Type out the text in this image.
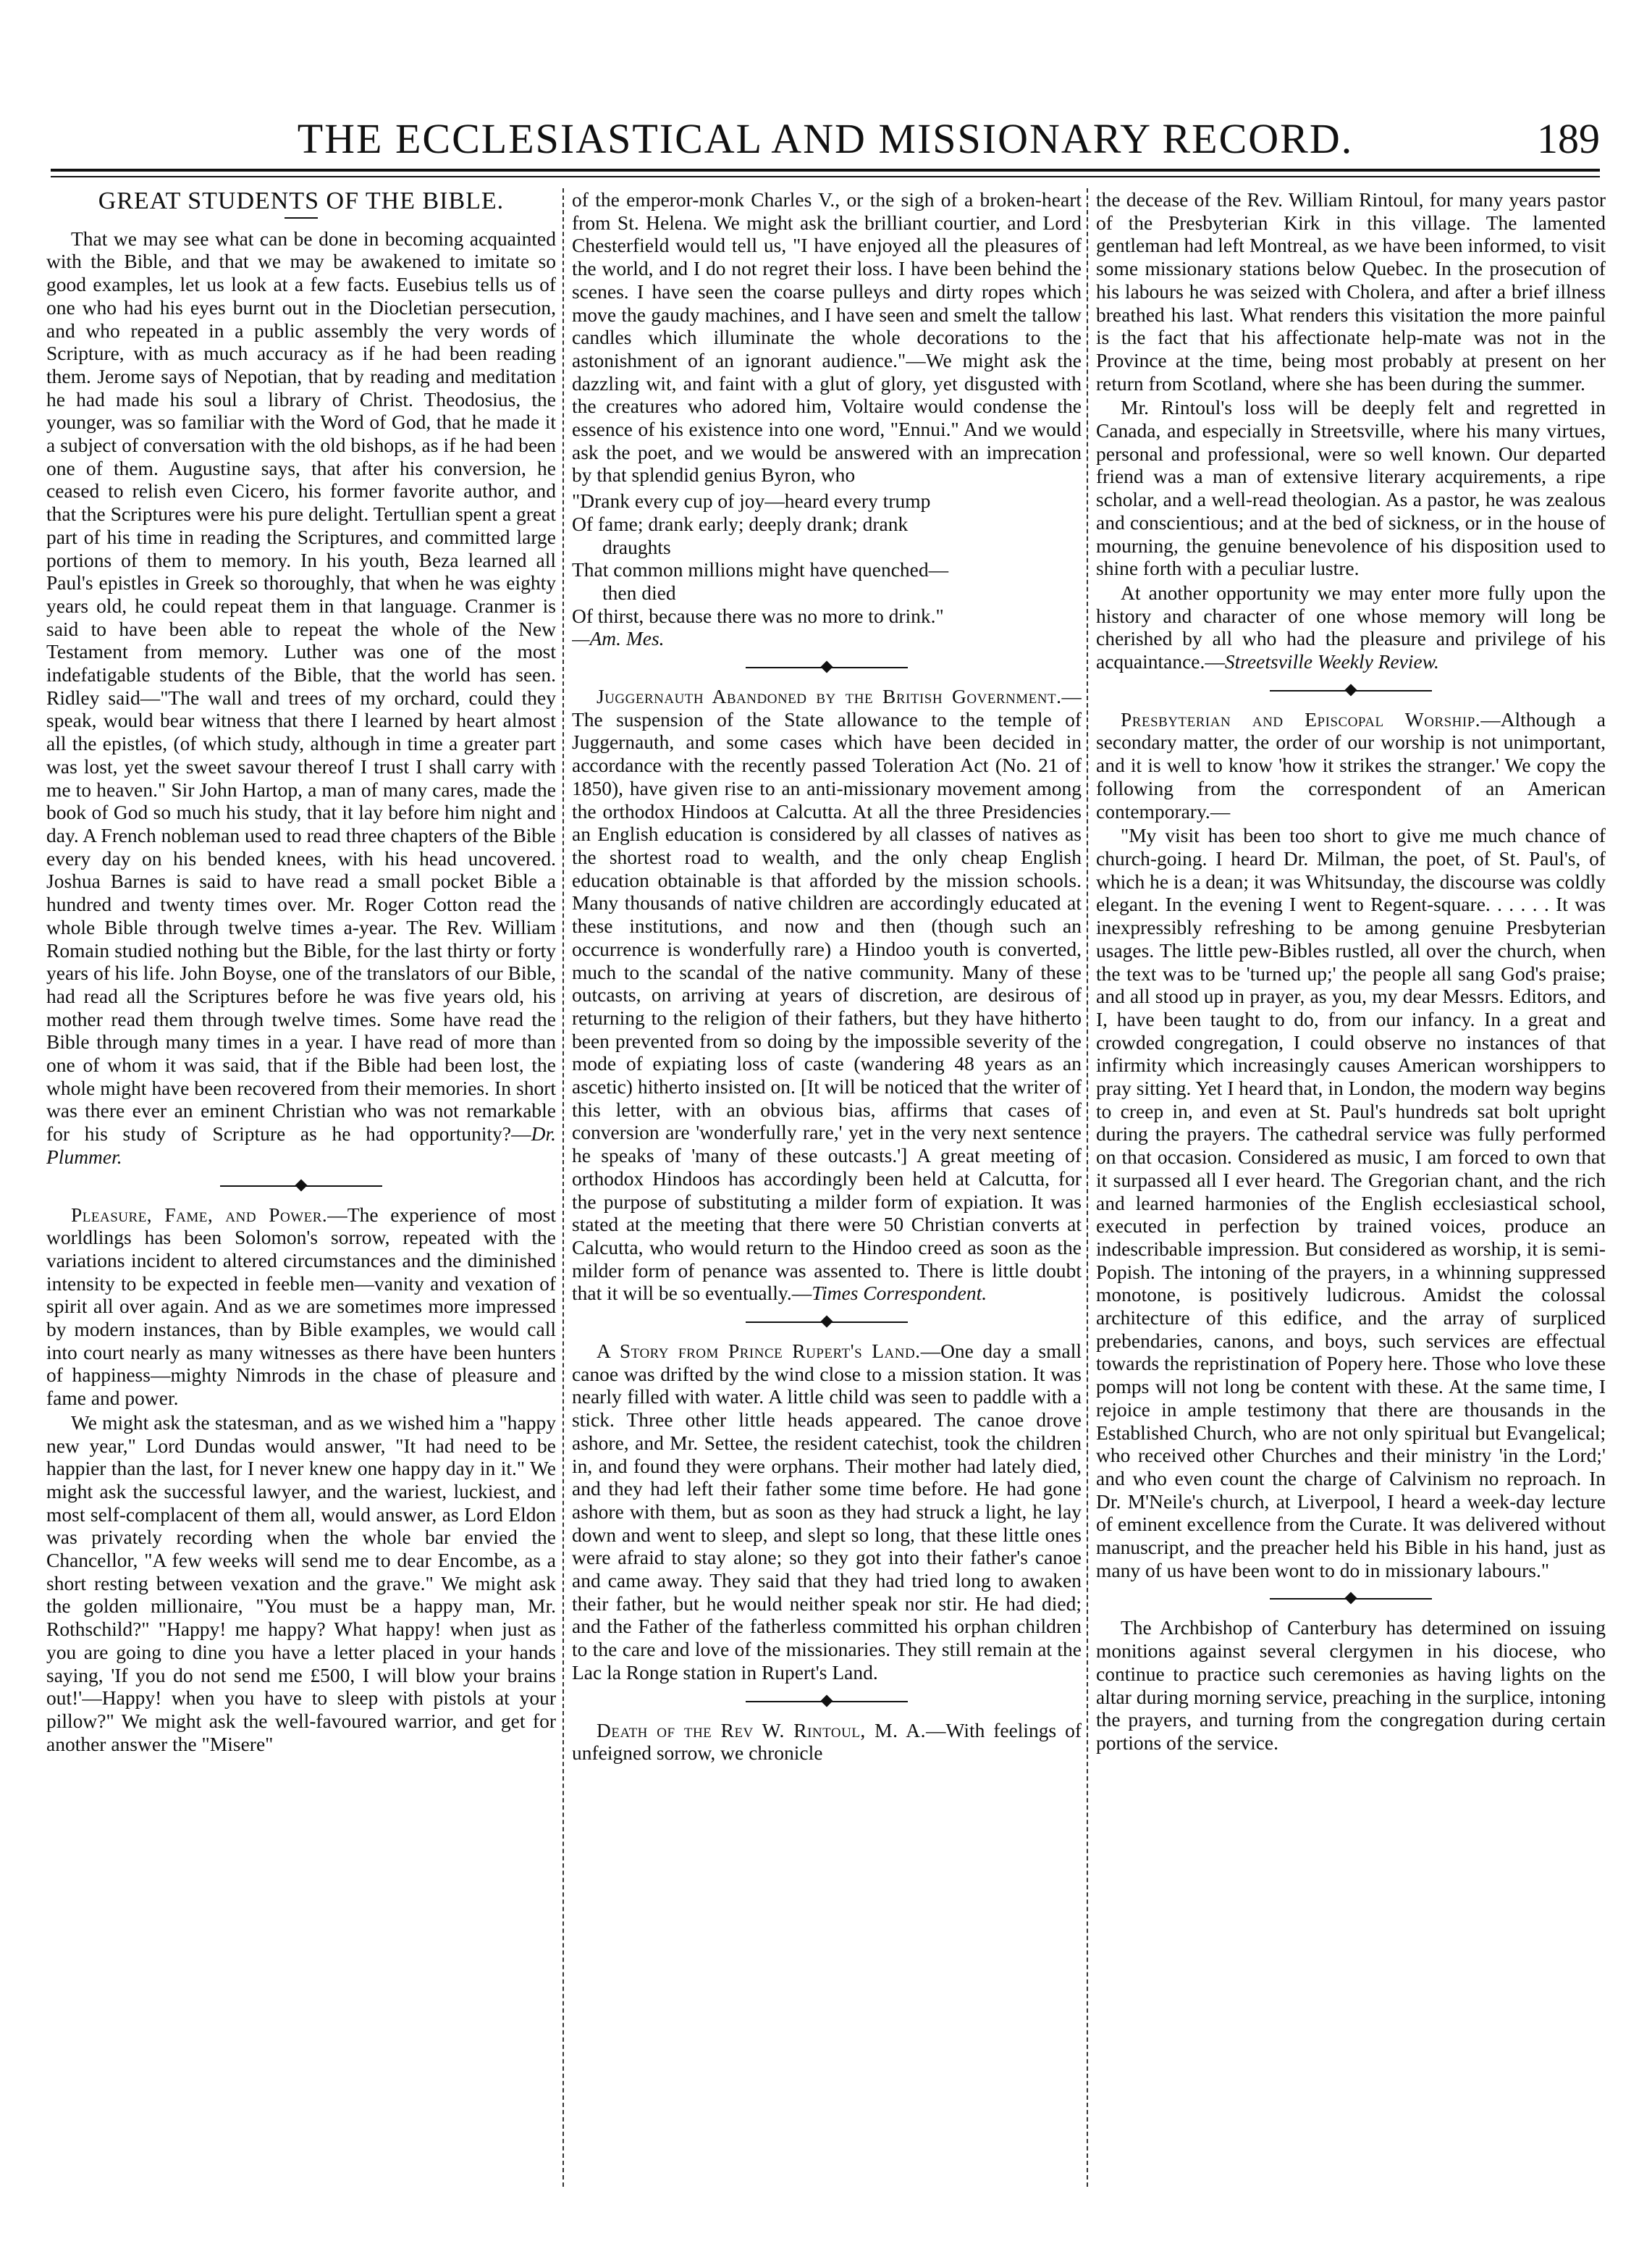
THE ECCLESIASTICAL AND MISSIONARY RECORD.	189
GREAT STUDENTS OF THE BIBLE.

That we may see what can be done in becoming acquainted with the Bible, and that we may be awakened to imitate so good examples, let us look at a few facts. Eusebius tells us of one who had his eyes burnt out in the Diocletian persecution, and who repeated in a public assembly the very words of Scripture, with as much accuracy as if he had been reading them. Jerome says of Nepotian, that by reading and meditation he had made his soul a library of Christ. Theodosius, the younger, was so familiar with the Word of God, that he made it a subject of conversation with the old bishops, as if he had been one of them. Augustine says, that after his conversion, he ceased to relish even Cicero, his former favorite author, and that the Scriptures were his pure delight. Tertullian spent a great part of his time in reading the Scriptures, and committed large portions of them to memory. In his youth, Beza learned all Paul's epistles in Greek so thoroughly, that when he was eighty years old, he could repeat them in that language. Cranmer is said to have been able to repeat the whole of the New Testament from memory. Luther was one of the most indefatigable students of the Bible, that the world has seen. Ridley said—"The wall and trees of my orchard, could they speak, would bear witness that there I learned by heart almost all the epistles, (of which study, although in time a greater part was lost, yet the sweet savour thereof I trust I shall carry with me to heaven." Sir John Hartop, a man of many cares, made the book of God so much his study, that it lay before him night and day. A French nobleman used to read three chapters of the Bible every day on his bended knees, with his head uncovered. Joshua Barnes is said to have read a small pocket Bible a hundred and twenty times over. Mr. Roger Cotton read the whole Bible through twelve times a-year. The Rev. William Romain studied nothing but the Bible, for the last thirty or forty years of his life. John Boyse, one of the translators of our Bible, had read all the Scriptures before he was five years old, his mother read them through twelve times. Some have read the Bible through many times in a year. I have read of more than one of whom it was said, that if the Bible had been lost, the whole might have been recovered from their memories. In short was there ever an eminent Christian who was not remarkable for his study of Scripture as he had opportunity?—Dr. Plummer.

Pleasure, Fame, and Power.—The experience of most worldlings has been Solomon's sorrow, repeated with the variations incident to altered circumstances and the diminished intensity to be expected in feeble men—vanity and vexation of spirit all over again. And as we are sometimes more impressed by modern instances, than by Bible examples, we would call into court nearly as many witnesses as there have been hunters of happiness—mighty Nimrods in the chase of pleasure and fame and power.

We might ask the statesman, and as we wished him a "happy new year," Lord Dundas would answer, "It had need to be happier than the last, for I never knew one happy day in it." We might ask the successful lawyer, and the wariest, luckiest, and most self-complacent of them all, would answer, as Lord Eldon was privately recording when the whole bar envied the Chancellor, "A few weeks will send me to dear Encombe, as a short resting between vexation and the grave." We might ask the golden millionaire, "You must be a happy man, Mr. Rothschild?" "Happy! me happy? What happy! when just as you are going to dine you have a letter placed in your hands saying, 'If you do not send me £500, I will blow your brains out!'—Happy! when you have to sleep with pistols at your pillow?" We might ask the well-favoured warrior, and get for another answer the "Misere"

of the emperor-monk Charles V., or the sigh of a broken-heart from St. Helena. We might ask the brilliant courtier, and Lord Chesterfield would tell us, "I have enjoyed all the pleasures of the world, and I do not regret their loss. I have been behind the scenes. I have seen the coarse pulleys and dirty ropes which move the gaudy machines, and I have seen and smelt the tallow candles which illuminate the whole decorations to the astonishment of an ignorant audience."—We might ask the dazzling wit, and faint with a glut of glory, yet disgusted with the creatures who adored him, Voltaire would condense the essence of his existence into one word, "Ennui." And we would ask the poet, and we would be answered with an imprecation by that splendid genius Byron, who

"Drank every cup of joy—heard every trump
Of fame; drank early; deeply drank; drank
draughts
That common millions might have quenched—
then died
Of thirst, because there was no more to drink."
—Am. Mes.

Juggernauth Abandoned by the British Government.—The suspension of the State allowance to the temple of Juggernauth, and some cases which have been decided in accordance with the recently passed Toleration Act (No. 21 of 1850), have given rise to an anti-missionary movement among the orthodox Hindoos at Calcutta. At all the three Presidencies an English education is considered by all classes of natives as the shortest road to wealth, and the only cheap English education obtainable is that afforded by the mission schools. Many thousands of native children are accordingly educated at these institutions, and now and then (though such an occurrence is wonderfully rare) a Hindoo youth is converted, much to the scandal of the native community. Many of these outcasts, on arriving at years of discretion, are desirous of returning to the religion of their fathers, but they have hitherto been prevented from so doing by the impossible severity of the mode of expiating loss of caste (wandering 48 years as an ascetic) hitherto insisted on. [It will be noticed that the writer of this letter, with an obvious bias, affirms that cases of conversion are 'wonderfully rare,' yet in the very next sentence he speaks of 'many of these outcasts.'] A great meeting of orthodox Hindoos has accordingly been held at Calcutta, for the purpose of substituting a milder form of expiation. It was stated at the meeting that there were 50 Christian converts at Calcutta, who would return to the Hindoo creed as soon as the milder form of penance was assented to. There is little doubt that it will be so eventually.—Times Correspondent.

A Story from Prince Rupert's Land.—One day a small canoe was drifted by the wind close to a mission station. It was nearly filled with water. A little child was seen to paddle with a stick. Three other little heads appeared. The canoe drove ashore, and Mr. Settee, the resident catechist, took the children in, and found they were orphans. Their mother had lately died, and they had left their father some time before. He had gone ashore with them, but as soon as they had struck a light, he lay down and went to sleep, and slept so long, that these little ones were afraid to stay alone; so they got into their father's canoe and came away. They said that they had tried long to awaken their father, but he would neither speak nor stir. He had died; and the Father of the fatherless committed his orphan children to the care and love of the missionaries. They still remain at the Lac la Ronge station in Rupert's Land.

Death of the Rev W. Rintoul, M. A.—With feelings of unfeigned sorrow, we chronicle

the decease of the Rev. William Rintoul, for many years pastor of the Presbyterian Kirk in this village. The lamented gentleman had left Montreal, as we have been informed, to visit some missionary stations below Quebec. In the prosecution of his labours he was seized with Cholera, and after a brief illness breathed his last. What renders this visitation the more painful is the fact that his affectionate help-mate was not in the Province at the time, being most probably at present on her return from Scotland, where she has been during the summer.

Mr. Rintoul's loss will be deeply felt and regretted in Canada, and especially in Streetsville, where his many virtues, personal and professional, were so well known. Our departed friend was a man of extensive literary acquirements, a ripe scholar, and a well-read theologian. As a pastor, he was zealous and conscientious; and at the bed of sickness, or in the house of mourning, the genuine benevolence of his disposition used to shine forth with a peculiar lustre.

At another opportunity we may enter more fully upon the history and character of one whose memory will long be cherished by all who had the pleasure and privilege of his acquaintance.—Streetsville Weekly Review.

Presbyterian and Episcopal Worship.—Although a secondary matter, the order of our worship is not unimportant, and it is well to know 'how it strikes the stranger.' We copy the following from the correspondent of an American contemporary.—

"My visit has been too short to give me much chance of church-going. I heard Dr. Milman, the poet, of St. Paul's, of which he is a dean; it was Whitsunday, the discourse was coldly elegant. In the evening I went to Regent-square. . . . . . It was inexpressibly refreshing to be among genuine Presbyterian usages. The little pew-Bibles rustled, all over the church, when the text was to be 'turned up;' the people all sang God's praise; and all stood up in prayer, as you, my dear Messrs. Editors, and I, have been taught to do, from our infancy. In a great and crowded congregation, I could observe no instances of that infirmity which increasingly causes American worshippers to pray sitting. Yet I heard that, in London, the modern way begins to creep in, and even at St. Paul's hundreds sat bolt upright during the prayers. The cathedral service was fully performed on that occasion. Considered as music, I am forced to own that it surpassed all I ever heard. The Gregorian chant, and the rich and learned harmonies of the English ecclesiastical school, executed in perfection by trained voices, produce an indescribable impression. But considered as worship, it is semi-Popish. The intoning of the prayers, in a whinning suppressed monotone, is positively ludicrous. Amidst the colossal architecture of this edifice, and the array of surpliced prebendaries, canons, and boys, such services are effectual towards the repristination of Popery here. Those who love these pomps will not long be content with these. At the same time, I rejoice in ample testimony that there are thousands in the Established Church, who are not only spiritual but Evangelical; who received other Churches and their ministry 'in the Lord;' and who even count the charge of Calvinism no reproach. In Dr. M'Neile's church, at Liverpool, I heard a week-day lecture of eminent excellence from the Curate. It was delivered without manuscript, and the preacher held his Bible in his hand, just as many of us have been wont to do in missionary labours."

The Archbishop of Canterbury has determined on issuing monitions against several clergymen in his diocese, who continue to practice such ceremonies as having lights on the altar during morning service, preaching in the surplice, intoning the prayers, and turning from the congregation during certain portions of the service.
